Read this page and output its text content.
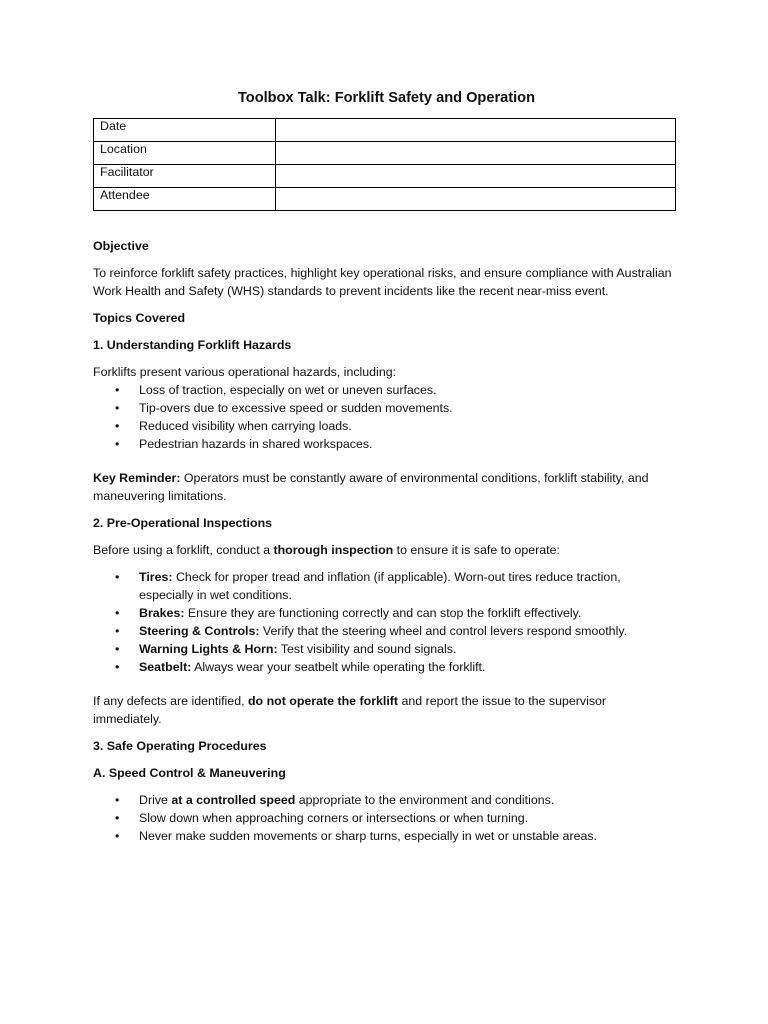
Toolbox Talk: Forklift Safety and Operation
Date	
Location	
Facilitator	
Attendee	

Objective

To reinforce forklift safety practices, highlight key operational risks, and ensure compliance with Australian Work Health and Safety (WHS) standards to prevent incidents like the recent near-miss event.

Topics Covered

1. Understanding Forklift Hazards

Forklifts present various operational hazards, including:

• Loss of traction, especially on wet or uneven surfaces.
• Tip-overs due to excessive speed or sudden movements.
• Reduced visibility when carrying loads.
• Pedestrian hazards in shared workspaces.

Key Reminder: Operators must be constantly aware of environmental conditions, forklift stability, and maneuvering limitations.

2. Pre-Operational Inspections

Before using a forklift, conduct a thorough inspection to ensure it is safe to operate:

• Tires: Check for proper tread and inflation (if applicable). Worn-out tires reduce traction, especially in wet conditions.
• Brakes: Ensure they are functioning correctly and can stop the forklift effectively.
• Steering & Controls: Verify that the steering wheel and control levers respond smoothly.
• Warning Lights & Horn: Test visibility and sound signals.
• Seatbelt: Always wear your seatbelt while operating the forklift.

If any defects are identified, do not operate the forklift and report the issue to the supervisor immediately.

3. Safe Operating Procedures

A. Speed Control & Maneuvering

• Drive at a controlled speed appropriate to the environment and conditions.
• Slow down when approaching corners or intersections or when turning.
• Never make sudden movements or sharp turns, especially in wet or unstable areas.
